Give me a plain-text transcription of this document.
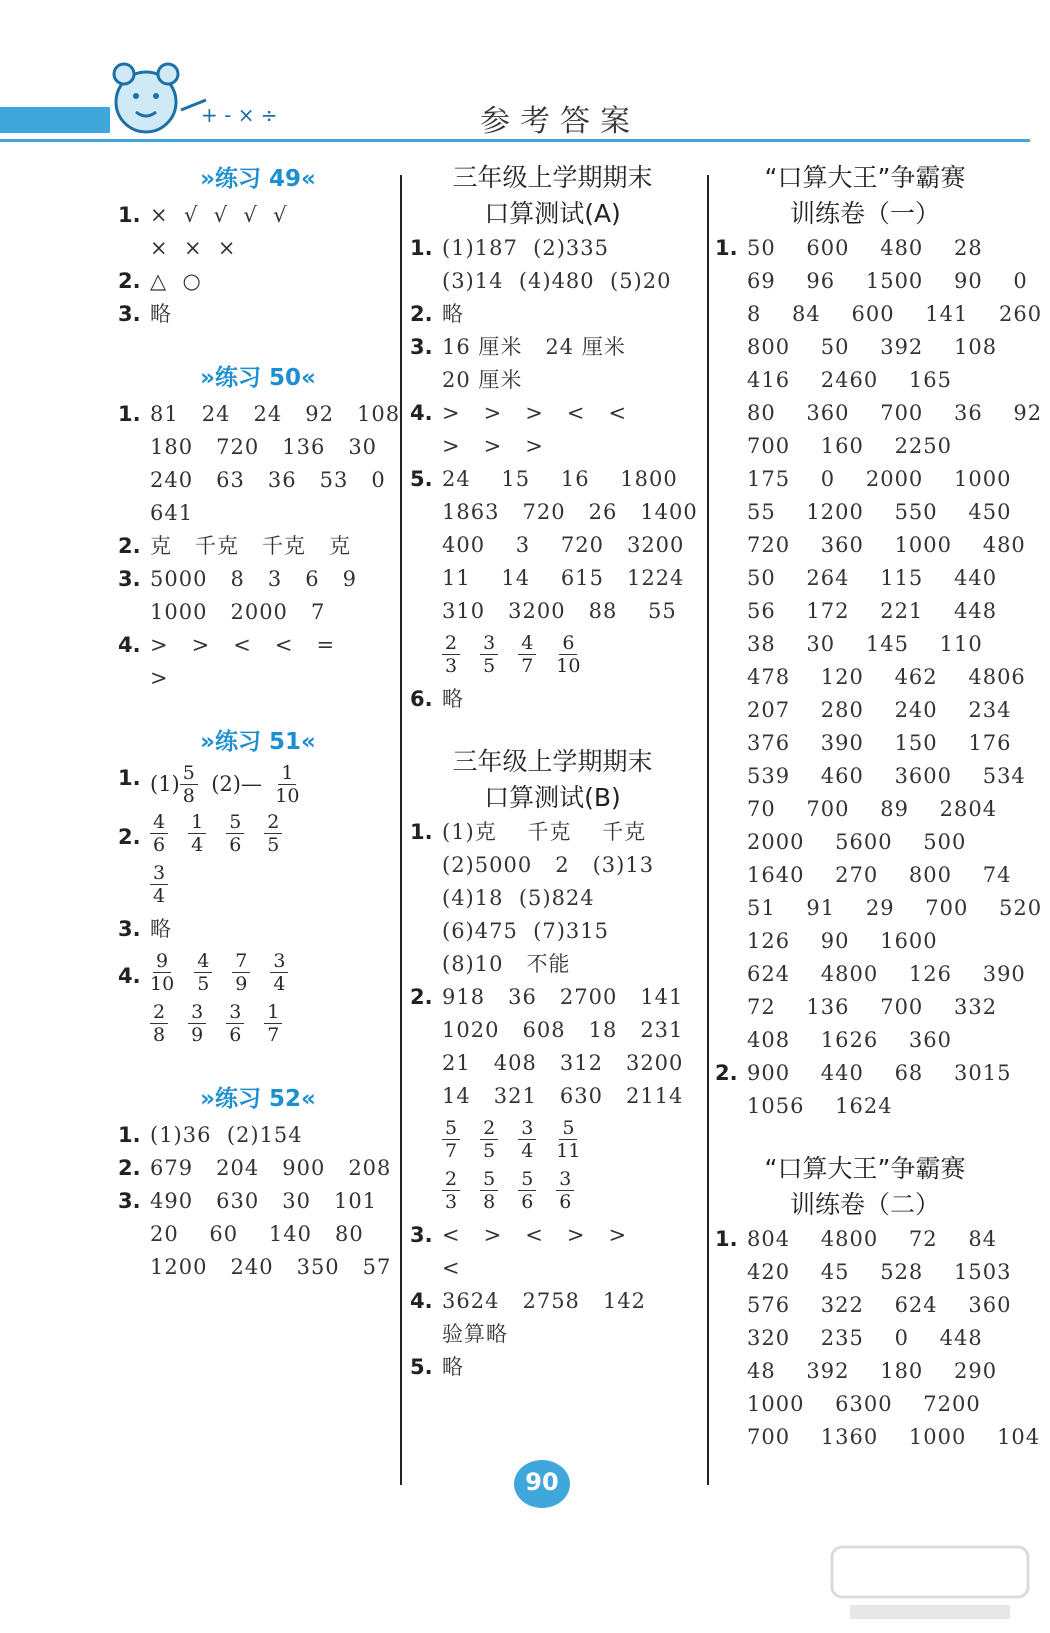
+ - × ÷	参考答案
»练习 49«
1. ×  √  √  √  √
×  ×  ×
2. △  ○
3. 略
»练习 50«
1. 81   24   24   92   108
180   720   136   30
240   63   36   53   0
641
2. 克   千克   千克   克
3. 5000   8   3   6   9
1000   2000   7
4. >   >   <   <   =
>
»练习 51«
1. $(1) \frac{5}{8}$ (2)— $\frac{1}{10}$
2. $\frac{4}{6} \frac{1}{4} \frac{5}{6} \frac{2}{5}$
$\frac{3}{4}$
3. 略
4. $\frac{9}{10} \frac{4}{5} \frac{7}{9} \frac{3}{4}$
$\frac{2}{8} \frac{3}{9} \frac{3}{6} \frac{1}{7}$
»练习 52«
1. (1)36  (2)154
2. 679   204   900   208
3. 490   630   30   101
20    60    140   80
1200   240   350   57
三年级上学期期末
口算测试(A)
1. (1)187  (2)335
(3)14  (4)480  (5)20
2. 略
3. 16 厘米   24 厘米
20 厘米
4. >   >   >   <   <
>   >   >
5. 24    15    16    1800
1863   720   26   1400
400    3    720   3200
11    14    615   1224
310   3200   88    55
$\frac{2}{3} \frac{3}{5} \frac{4}{7} \frac{6}{10}$
6. 略
三年级上学期期末
口算测试(B)
1. (1)克    千克    千克
(2)5000   2   (3)13
(4)18  (5)824
(6)475  (7)315
(8)10   不能
2. 918   36   2700   141
1020   608   18   231
21   408   312   3200
14   321   630   2114
$\frac{5}{7} \frac{2}{5} \frac{3}{4} \frac{5}{11}$
$\frac{2}{3} \frac{5}{8} \frac{5}{6} \frac{3}{6}$
3. <   >   <   >   >
<
4. 3624   2758   142
验算略
5. 略
“口算大王”争霸赛
训练卷（一）
1. 50    600    480    28
69    96    1500    90    0
8    84    600    141    260
800    50    392    108
416    2460    165
80    360    700    36    92
700    160    2250
175    0    2000    1000
55    1200    550    450
720    360    1000    480
50    264    115    440
56    172    221    448
38    30    145    110
478    120    462    4806
207    280    240    234
376    390    150    176
539    460    3600    534
70    700    89    2804
2000    5600    500
1640    270    800    74
51    91    29    700    520
126    90    1600
624    4800    126    390
72    136    700    332
408    1626    360
2. 900    440    68    3015
1056    1624
“口算大王”争霸赛
训练卷（二）
1. 804    4800    72    84
420    45    528    1503
576    322    624    360
320    235    0    448
48    392    180    290
1000    6300    7200
700    1360    1000    104
90
